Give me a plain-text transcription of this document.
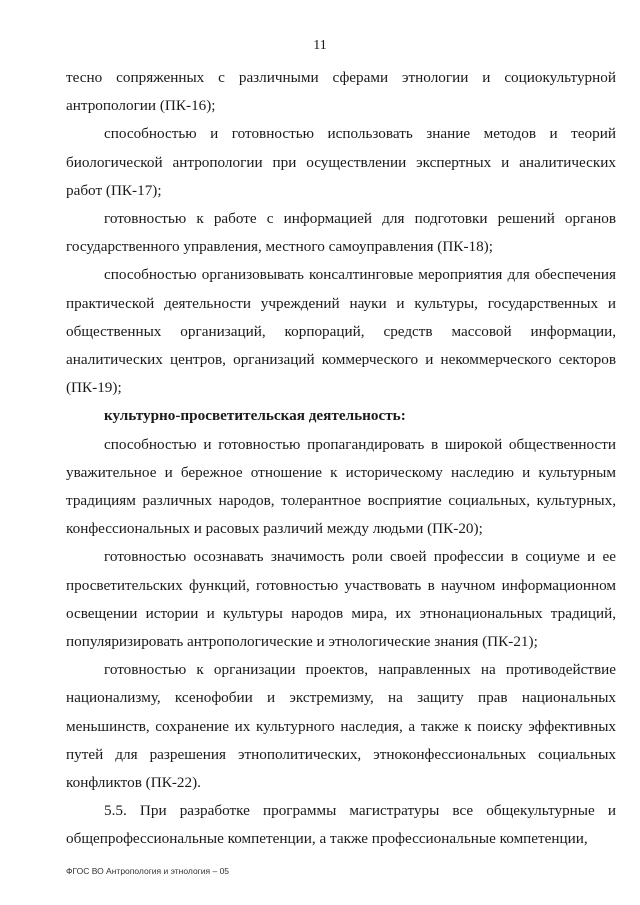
11

тесно сопряженных с различными сферами этнологии и социокультурной антропологии (ПК-16);

способностью и готовностью использовать знание методов и теорий биологической антропологии при осуществлении экспертных и аналитических работ (ПК-17);

готовностью к работе с информацией для подготовки решений органов государственного управления, местного самоуправления (ПК-18);

способностью организовывать консалтинговые мероприятия для обеспечения практической деятельности учреждений науки и культуры, государственных и общественных организаций, корпораций, средств массовой информации, аналитических центров, организаций коммерческого и некоммерческого секторов (ПК-19);

культурно-просветительская деятельность:

способностью и готовностью пропагандировать в широкой общественности уважительное и бережное отношение к историческому наследию и культурным традициям различных народов, толерантное восприятие социальных, культурных, конфессиональных и расовых различий между людьми (ПК-20);

готовностью осознавать значимость роли своей профессии в социуме и ее просветительских функций, готовностью участвовать в научном информационном освещении истории и культуры народов мира, их этнонациональных традиций, популяризировать антропологические и этнологические знания (ПК-21);

готовностью к организации проектов, направленных на противодействие национализму, ксенофобии и экстремизму, на защиту прав национальных меньшинств, сохранение их культурного наследия, а также к поиску эффективных путей для разрешения этнополитических, этноконфессиональных социальных конфликтов (ПК-22).

5.5. При разработке программы магистратуры все общекультурные и общепрофессиональные компетенции, а также профессиональные компетенции,

ФГОС ВО Антропология и этнология – 05
